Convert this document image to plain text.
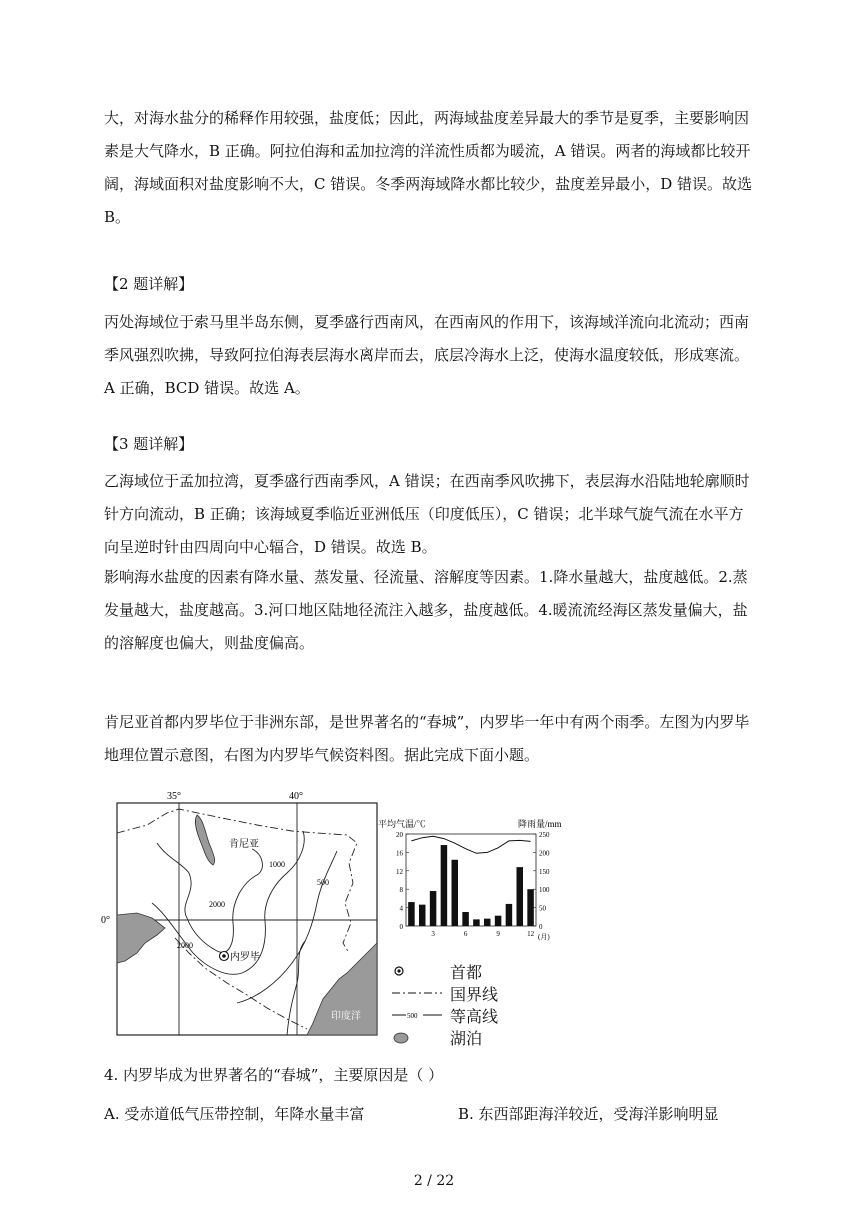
大，对海水盐分的稀释作用较强，盐度低；因此，两海域盐度差异最大的季节是夏季，主要影响因
素是大气降水，B 正确。阿拉伯海和孟加拉湾的洋流性质都为暖流，A 错误。两者的海域都比较开
阔，海域面积对盐度影响不大，C 错误。冬季两海域降水都比较少，盐度差异最小，D 错误。故选
B。
【2 题详解】
丙处海域位于索马里半岛东侧，夏季盛行西南风，在西南风的作用下，该海域洋流向北流动；西南
季风强烈吹拂，导致阿拉伯海表层海水离岸而去，底层冷海水上泛，使海水温度较低，形成寒流。
A 正确，BCD 错误。故选 A。
【3 题详解】
乙海域位于孟加拉湾，夏季盛行西南季风，A 错误；在西南季风吹拂下，表层海水沿陆地轮廓顺时
针方向流动，B 正确；该海域夏季临近亚洲低压（印度低压），C 错误；北半球气旋气流在水平方
向呈逆时针由四周向中心辐合，D 错误。故选 B。
影响海水盐度的因素有降水量、蒸发量、径流量、溶解度等因素。1.降水量越大，盐度越低。2.蒸
发量越大，盐度越高。3.河口地区陆地径流注入越多，盐度越低。4.暖流流经海区蒸发量偏大，盐
的溶解度也偏大，则盐度偏高。
肯尼亚首都内罗毕位于非洲东部，是世界著名的“春城”，内罗毕一年中有两个雨季。左图为内罗毕
地理位置示意图，右图为内罗毕气候资料图。据此完成下面小题。
35°	40°
0°
肯尼亚
1000
500
2000
2000
内罗毕
印度洋
平均气温/℃	降雨量/mm
20
16
12
8
4
0
250
200
150
100
50
0
3	6	9	12 (月)
首都
国界线
500 等高线
湖泊
4. 内罗毕成为世界著名的“春城”，主要原因是（ ）
A. 受赤道低气压带控制，年降水量丰富	B. 东西部距海洋较近，受海洋影响明显
2 / 22
